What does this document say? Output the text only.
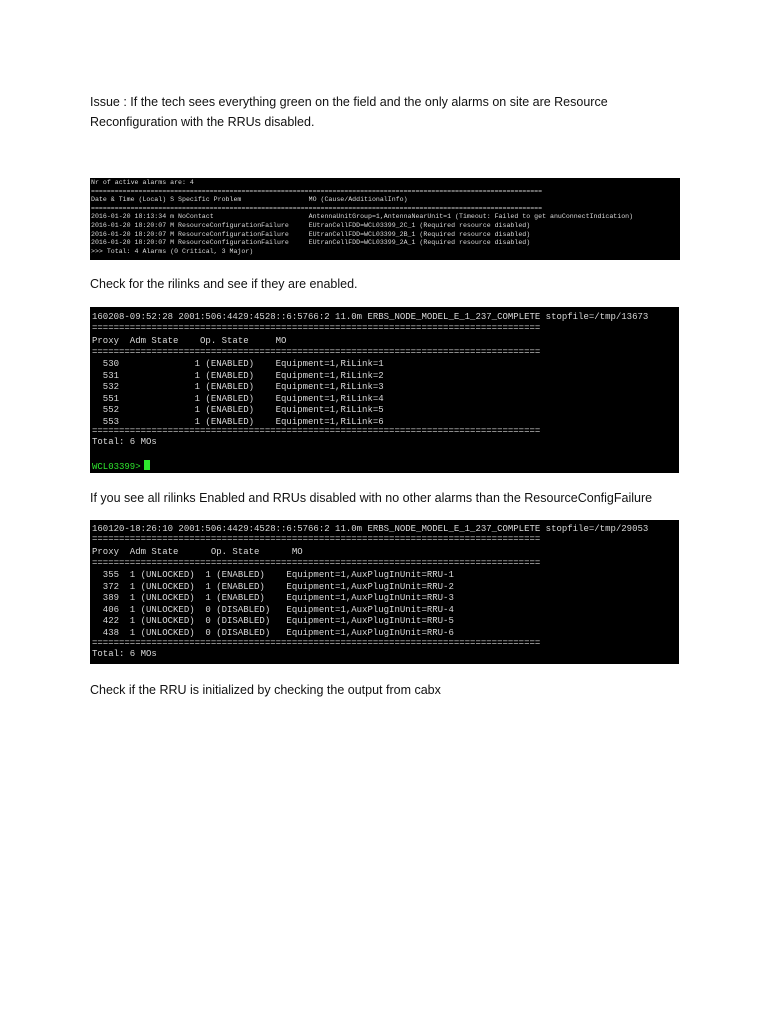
Issue : If the tech sees everything green on the field and the only alarms on site are Resource
Reconfiguration with the RRUs disabled.

Nr of active alarms are: 4

==================================================================================================================

Date & Time (Local) S Specific Problem                 MO (Cause/AdditionalInfo)

==================================================================================================================

2016-01-20 18:13:34 m NoContact                        AntennaUnitGroup=1,AntennaNearUnit=1 (Timeout: Failed to get anuConnectIndication)

2016-01-20 18:20:07 M ResourceConfigurationFailure     EUtranCellFDD=WCL03399_2C_1 (Required resource disabled)

2016-01-20 18:20:07 M ResourceConfigurationFailure     EUtranCellFDD=WCL03399_2B_1 (Required resource disabled)

2016-01-20 18:20:07 M ResourceConfigurationFailure     EUtranCellFDD=WCL03399_2A_1 (Required resource disabled)

>>> Total: 4 Alarms (0 Critical, 3 Major)

Check for the rilinks and see if they are enabled.

160208-09:52:28 2001:506:4429:4528::6:5766:2 11.0m ERBS_NODE_MODEL_E_1_237_COMPLETE stopfile=/tmp/13673

===================================================================================

Proxy  Adm State    Op. State     MO

===================================================================================

530              1 (ENABLED)    Equipment=1,RiLink=1

531              1 (ENABLED)    Equipment=1,RiLink=2

532              1 (ENABLED)    Equipment=1,RiLink=3

551              1 (ENABLED)    Equipment=1,RiLink=4

552              1 (ENABLED)    Equipment=1,RiLink=5

553              1 (ENABLED)    Equipment=1,RiLink=6

===================================================================================

Total: 6 MOs

WCL03399>

If you see all rilinks Enabled and RRUs disabled with no other alarms than the ResourceConfigFailure

160120-18:26:10 2001:506:4429:4528::6:5766:2 11.0m ERBS_NODE_MODEL_E_1_237_COMPLETE stopfile=/tmp/29053

===================================================================================

Proxy  Adm State      Op. State      MO

===================================================================================

355  1 (UNLOCKED)  1 (ENABLED)    Equipment=1,AuxPlugInUnit=RRU-1

372  1 (UNLOCKED)  1 (ENABLED)    Equipment=1,AuxPlugInUnit=RRU-2

389  1 (UNLOCKED)  1 (ENABLED)    Equipment=1,AuxPlugInUnit=RRU-3

406  1 (UNLOCKED)  0 (DISABLED)   Equipment=1,AuxPlugInUnit=RRU-4

422  1 (UNLOCKED)  0 (DISABLED)   Equipment=1,AuxPlugInUnit=RRU-5

438  1 (UNLOCKED)  0 (DISABLED)   Equipment=1,AuxPlugInUnit=RRU-6

===================================================================================

Total: 6 MOs

Check if the RRU is initialized by checking the output from cabx
